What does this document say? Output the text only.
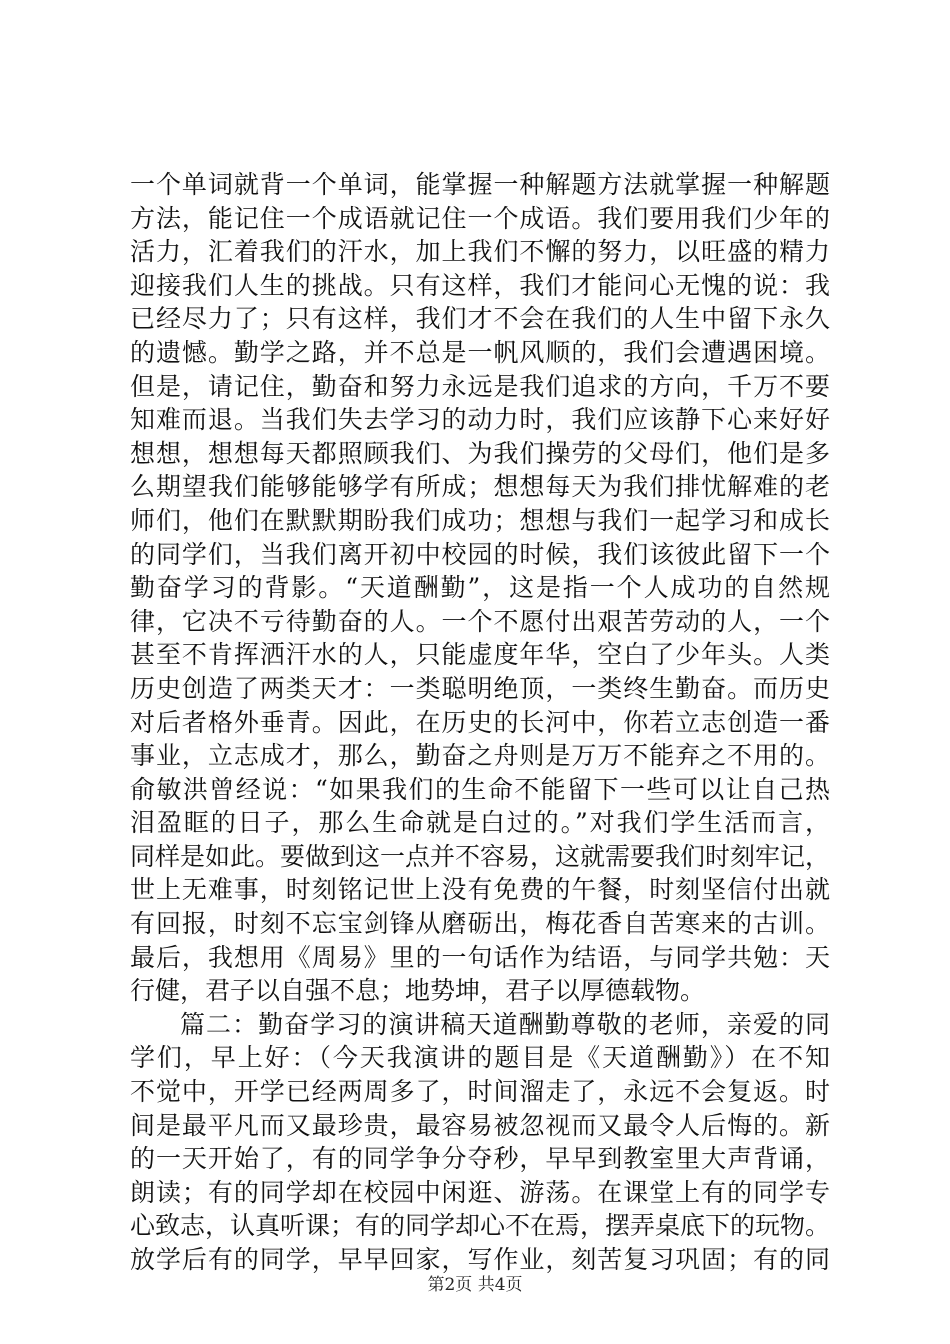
一个单词就背一个单词，能掌握一种解题方法就掌握一种解题
方法，能记住一个成语就记住一个成语。我们要用我们少年的
活力，汇着我们的汗水，加上我们不懈的努力，以旺盛的精力
迎接我们人生的挑战。只有这样，我们才能问心无愧的说：我
已经尽力了；只有这样，我们才不会在我们的人生中留下永久
的遗憾。勤学之路，并不总是一帆风顺的，我们会遭遇困境。
但是，请记住，勤奋和努力永远是我们追求的方向，千万不要
知难而退。当我们失去学习的动力时，我们应该静下心来好好
想想，想想每天都照顾我们、为我们操劳的父母们，他们是多
么期望我们能够能够学有所成；想想每天为我们排忧解难的老
师们，他们在默默期盼我们成功；想想与我们一起学习和成长
的同学们，当我们离开初中校园的时候，我们该彼此留下一个
勤奋学习的背影。“天道酬勤”，这是指一个人成功的自然规
律，它决不亏待勤奋的人。一个不愿付出艰苦劳动的人，一个
甚至不肯挥洒汗水的人，只能虚度年华，空白了少年头。人类
历史创造了两类天才：一类聪明绝顶，一类终生勤奋。而历史
对后者格外垂青。因此，在历史的长河中，你若立志创造一番
事业，立志成才，那么，勤奋之舟则是万万不能弃之不用的。
俞敏洪曾经说：“如果我们的生命不能留下一些可以让自己热
泪盈眶的日子，那么生命就是白过的。”对我们学生活而言，
同样是如此。要做到这一点并不容易，这就需要我们时刻牢记，
世上无难事，时刻铭记世上没有免费的午餐，时刻坚信付出就
有回报，时刻不忘宝剑锋从磨砺出，梅花香自苦寒来的古训。
最后，我想用《周易》里的一句话作为结语，与同学共勉：天
行健，君子以自强不息；地势坤，君子以厚德载物。
篇二：勤奋学习的演讲稿天道酬勤尊敬的老师，亲爱的同
学们，早上好：（今天我演讲的题目是《天道酬勤》）在不知
不觉中，开学已经两周多了，时间溜走了，永远不会复返。时
间是最平凡而又最珍贵，最容易被忽视而又最令人后悔的。新
的一天开始了，有的同学争分夺秒，早早到教室里大声背诵，
朗读；有的同学却在校园中闲逛、游荡。在课堂上有的同学专
心致志，认真听课；有的同学却心不在焉，摆弄桌底下的玩物。
放学后有的同学，早早回家，写作业，刻苦复习巩固；有的同
第2页 共4页
